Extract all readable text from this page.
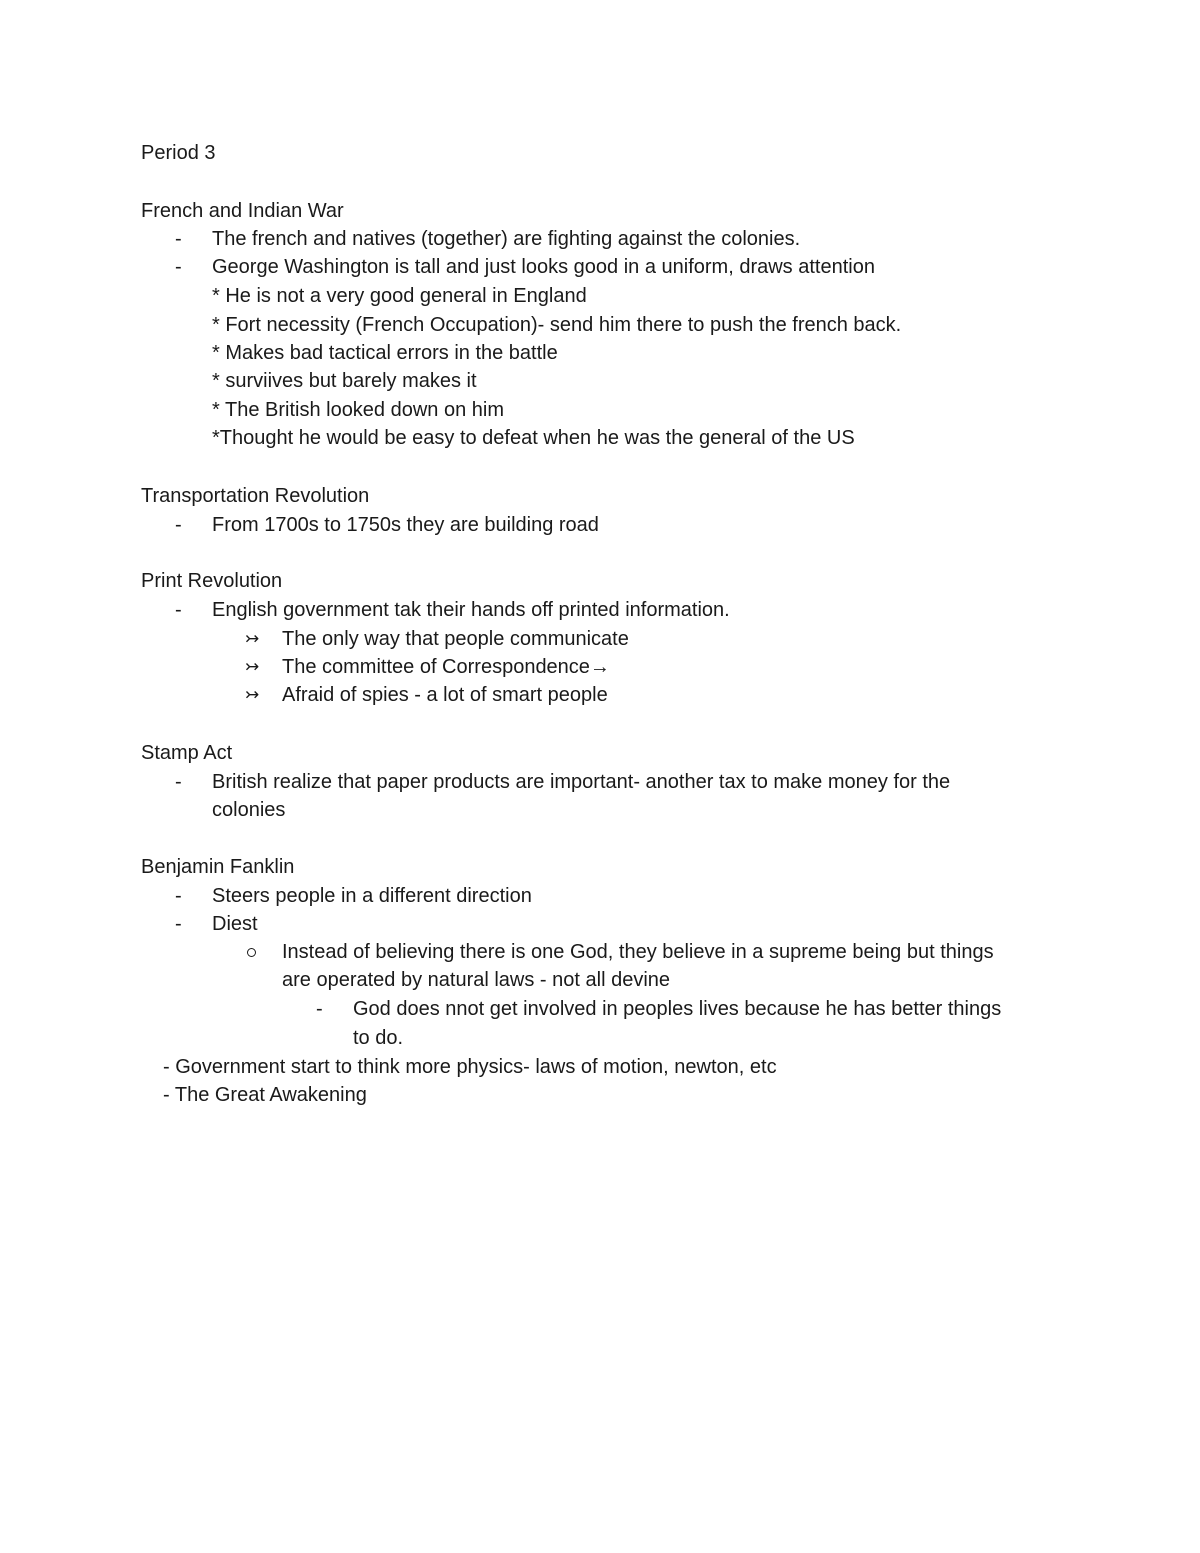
Period 3
French and Indian War
- The french and natives (together) are fighting against the colonies.
- George Washington is tall and just looks good in a uniform, draws attention
* He is not a very good general in England
* Fort necessity (French Occupation)- send him there to push the french back.
* Makes bad tactical errors in the battle
* surviives but barely makes it
* The British looked down on him
*Thought he would be easy to defeat when he was the general of the US
Transportation Revolution
- From 1700s to 1750s they are building road
Print Revolution
- English government tak their hands off printed information.
↣ The only way that people communicate
↣ The committee of Correspondence→
↣ Afraid of spies - a lot of smart people
Stamp Act
- British realize that paper products are important- another tax to make money for the
colonies
Benjamin Fanklin
- Steers people in a different direction
- Diest
Instead of believing there is one God, they believe in a supreme being but things
are operated by natural laws - not all devine
- God does nnot get involved in peoples lives because he has better things
to do.
- Government start to think more physics- laws of motion, newton, etc
- The Great Awakening
